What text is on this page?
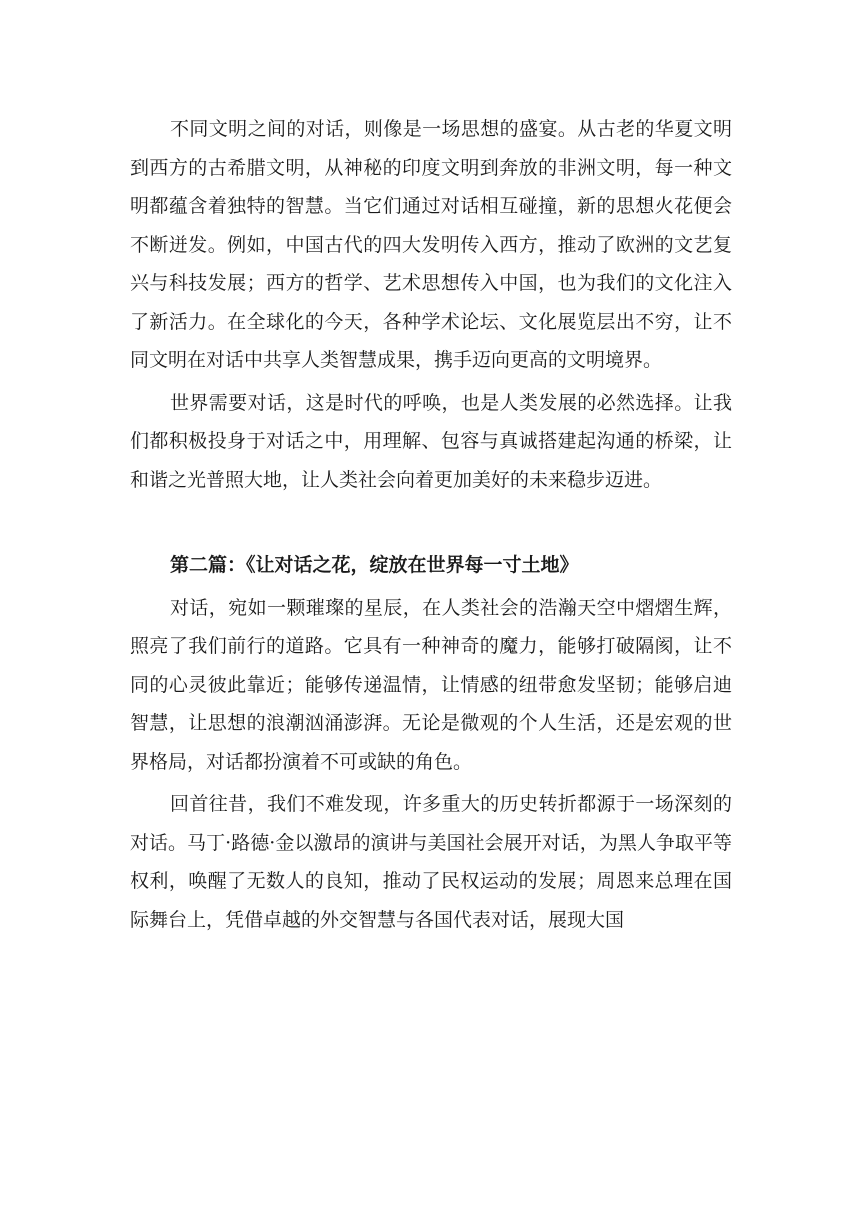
不同文明之间的对话，则像是一场思想的盛宴。从古老的华夏文明到西方的古希腊文明，从神秘的印度文明到奔放的非洲文明，每一种文明都蕴含着独特的智慧。当它们通过对话相互碰撞，新的思想火花便会不断迸发。例如，中国古代的四大发明传入西方，推动了欧洲的文艺复兴与科技发展；西方的哲学、艺术思想传入中国，也为我们的文化注入了新活力。在全球化的今天，各种学术论坛、文化展览层出不穷，让不同文明在对话中共享人类智慧成果，携手迈向更高的文明境界。

世界需要对话，这是时代的呼唤，也是人类发展的必然选择。让我们都积极投身于对话之中，用理解、包容与真诚搭建起沟通的桥梁，让和谐之光普照大地，让人类社会向着更加美好的未来稳步迈进。

第二篇：《让对话之花，绽放在世界每一寸土地》

对话，宛如一颗璀璨的星辰，在人类社会的浩瀚天空中熠熠生辉，照亮了我们前行的道路。它具有一种神奇的魔力，能够打破隔阂，让不同的心灵彼此靠近；能够传递温情，让情感的纽带愈发坚韧；能够启迪智慧，让思想的浪潮汹涌澎湃。无论是微观的个人生活，还是宏观的世界格局，对话都扮演着不可或缺的角色。

回首往昔，我们不难发现，许多重大的历史转折都源于一场深刻的对话。马丁·路德·金以激昂的演讲与美国社会展开对话，为黑人争取平等权利，唤醒了无数人的良知，推动了民权运动的发展；周恩来总理在国际舞台上，凭借卓越的外交智慧与各国代表对话，展现大国
